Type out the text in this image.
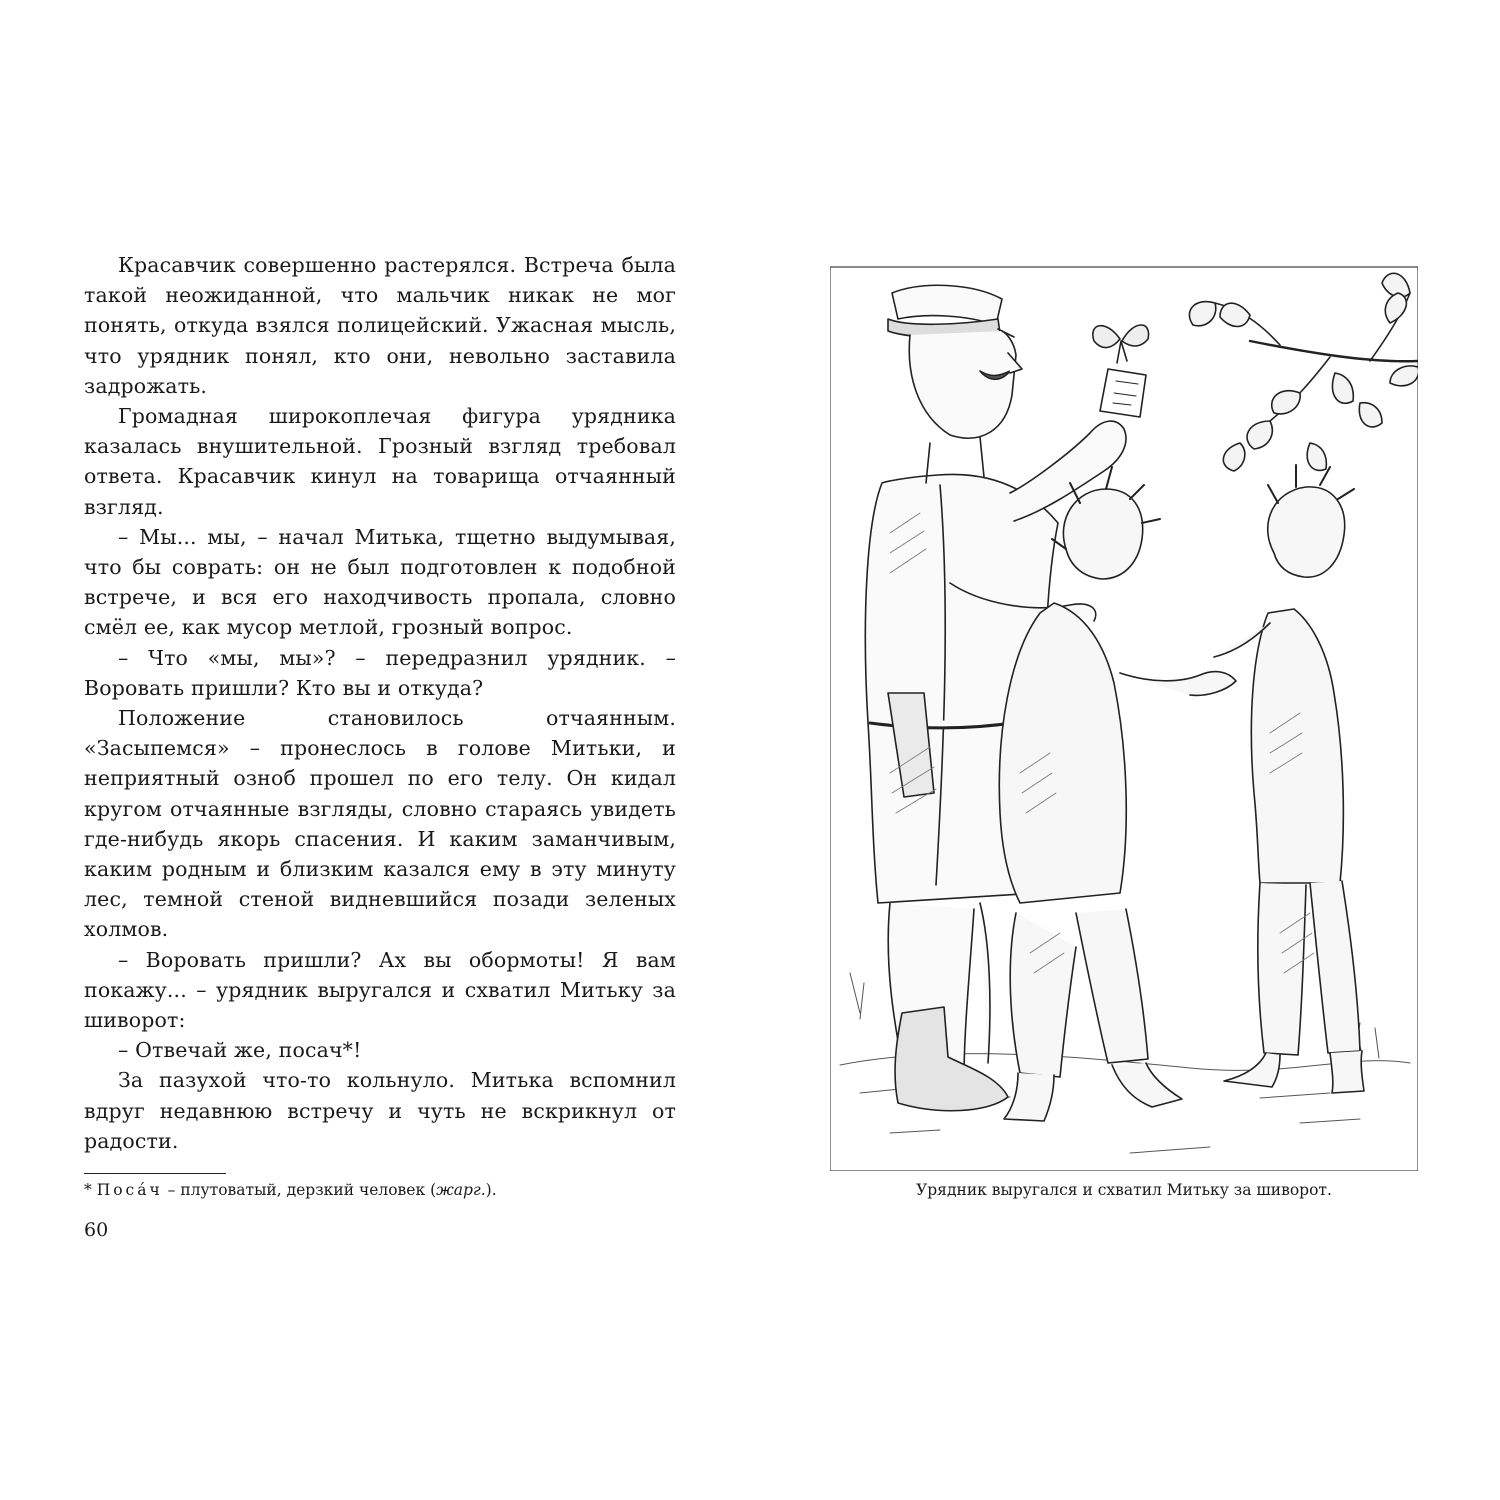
Красавчик совершенно растерялся. Встреча была такой неожиданной, что мальчик никак не мог понять, откуда взялся полицейский. Ужасная мысль, что урядник понял, кто они, невольно заставила задрожать.

Громадная широкоплечая фигура урядника казалась внушительной. Грозный взгляд требовал ответа. Красавчик кинул на товарища отчаянный взгляд.

– Мы... мы, – начал Митька, тщетно выдумывая, что бы соврать: он не был подготовлен к подобной встрече, и вся его находчивость пропала, словно смёл ее, как мусор метлой, грозный вопрос.

– Что «мы, мы»? – передразнил урядник. – Воровать пришли? Кто вы и откуда?

Положение становилось отчаянным. «Засыпемся» – пронеслось в голове Митьки, и неприятный озноб прошел по его телу. Он кидал кругом отчаянные взгляды, словно стараясь увидеть где-нибудь якорь спасения. И каким заманчивым, каким родным и близким казался ему в эту минуту лес, темной стеной видневшийся позади зеленых холмов.

– Воровать пришли? Ах вы обормоты! Я вам покажу... – урядник выругался и схватил Митьку за шиворот:

– Отвечай же, посач*!

За пазухой что-то кольнуло. Митька вспомнил вдруг недавнюю встречу и чуть не вскрикнул от радости.

* Посáч – плутоватый, дерзкий человек (жарг.).
60
Урядник выругался и схватил Митьку за шиворот.
